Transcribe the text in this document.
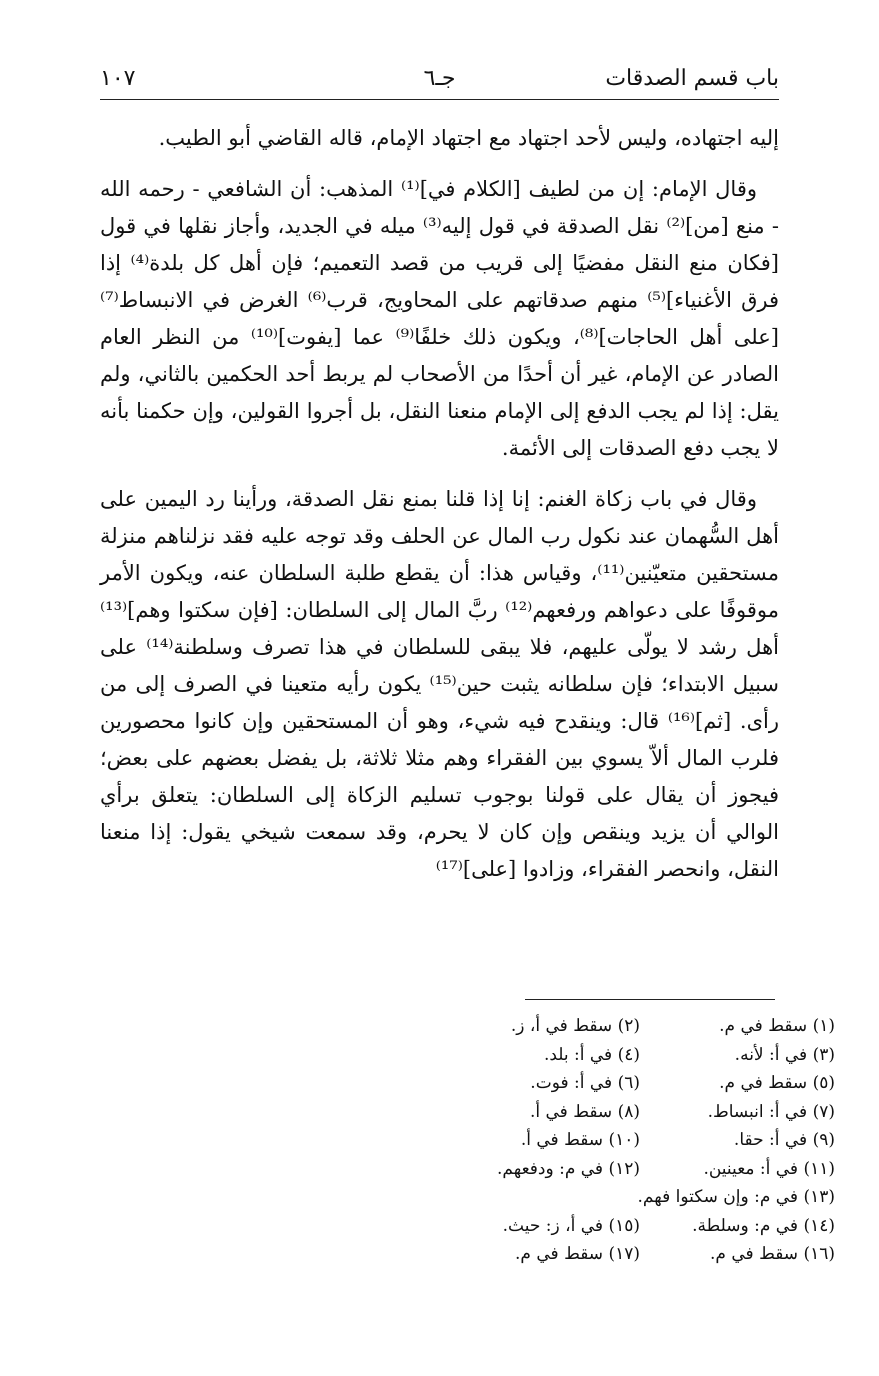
باب قسم الصدقات
جـ٦
١٠٧

إليه اجتهاده، وليس لأحد اجتهاد مع اجتهاد الإمام، قاله القاضي أبو الطيب.

وقال الإمام: إن من لطيف [الكلام في]⁽¹⁾ المذهب: أن الشافعي - رحمه الله - منع [من]⁽²⁾ نقل الصدقة في قول إليه⁽³⁾ ميله في الجديد، وأجاز نقلها في قول [فكان منع النقل مفضيًا إلى قريب من قصد التعميم؛ فإن أهل كل بلدة⁽⁴⁾ إذا فرق الأغنياء]⁽⁵⁾ منهم صدقاتهم على المحاويج، قرب⁽⁶⁾ الغرض في الانبساط⁽⁷⁾ [على أهل الحاجات]⁽⁸⁾، ويكون ذلك خلفًا⁽⁹⁾ عما [يفوت]⁽¹⁰⁾ من النظر العام الصادر عن الإمام، غير أن أحدًا من الأصحاب لم يربط أحد الحكمين بالثاني، ولم يقل: إذا لم يجب الدفع إلى الإمام منعنا النقل، بل أجروا القولين، وإن حكمنا بأنه لا يجب دفع الصدقات إلى الأئمة.

وقال في باب زكاة الغنم: إنا إذا قلنا بمنع نقل الصدقة، ورأينا رد اليمين على أهل السُّهمان عند نكول رب المال عن الحلف وقد توجه عليه فقد نزلناهم منزلة مستحقين متعيّنين⁽¹¹⁾، وقياس هذا: أن يقطع طلبة السلطان عنه، ويكون الأمر موقوفًا على دعواهم ورفعهم⁽¹²⁾ ربَّ المال إلى السلطان: [فإن سكتوا وهم]⁽¹³⁾ أهل رشد لا يولّى عليهم، فلا يبقى للسلطان في هذا تصرف وسلطنة⁽¹⁴⁾ على سبيل الابتداء؛ فإن سلطانه يثبت حين⁽¹⁵⁾ يكون رأيه متعينا في الصرف إلى من رأى. [ثم]⁽¹⁶⁾ قال: وينقدح فيه شيء، وهو أن المستحقين وإن كانوا محصورين فلرب المال ألاّ يسوي بين الفقراء وهم مثلا ثلاثة، بل يفضل بعضهم على بعض؛ فيجوز أن يقال على قولنا بوجوب تسليم الزكاة إلى السلطان: يتعلق برأي الوالي أن يزيد وينقص وإن كان لا يحرم، وقد سمعت شيخي يقول: إذا منعنا النقل، وانحصر الفقراء، وزادوا [على]⁽¹⁷⁾

(١) سقط في م.
(٢) سقط في أ، ز.
(٣) في أ: لأنه.
(٤) في أ: بلد.
(٥) سقط في م.
(٦) في أ: فوت.
(٧) في أ: انبساط.
(٨) سقط في أ.
(٩) في أ: حقا.
(١٠) سقط في أ.
(١١) في أ: معينين.
(١٢) في م: ودفعهم.
(١٣) في م: وإن سكتوا فهم.
(١٤) في م: وسلطة.
(١٥) في أ، ز: حيث.
(١٦) سقط في م.
(١٧) سقط في م.
